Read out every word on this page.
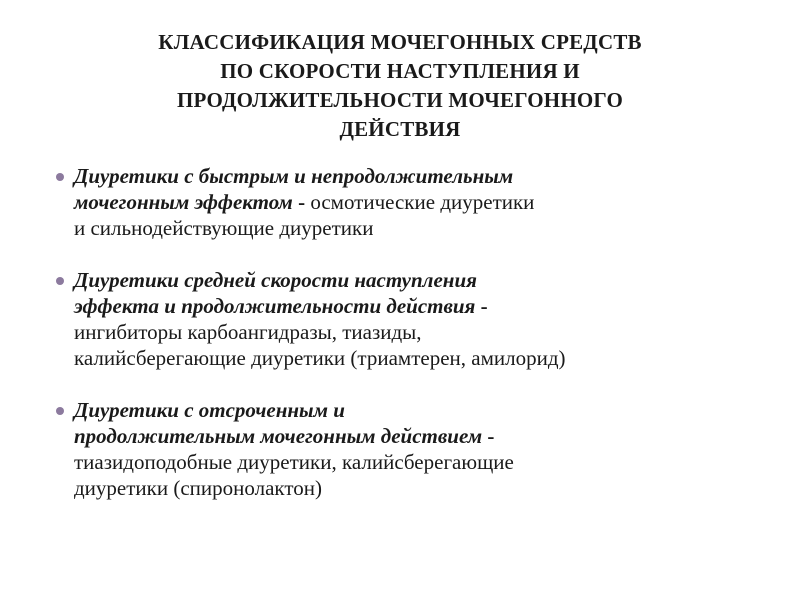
КЛАССИФИКАЦИЯ МОЧЕГОННЫХ СРЕДСТВ
ПО СКОРОСТИ НАСТУПЛЕНИЯ И
ПРОДОЛЖИТЕЛЬНОСТИ МОЧЕГОННОГО
ДЕЙСТВИЯ
Диуретики с быстрым и непродолжительным
мочегонным эффектом - осмотические диуретики
и сильнодействующие диуретики
Диуретики средней скорости наступления
эффекта и продолжительности действия -
ингибиторы карбоангидразы, тиазиды,
калийсберегающие диуретики (триамтерен, амилорид)
Диуретики с отсроченным и
продолжительным мочегонным действием -
тиазидоподобные диуретики, калийсберегающие
диуретики (спиронолактон)
